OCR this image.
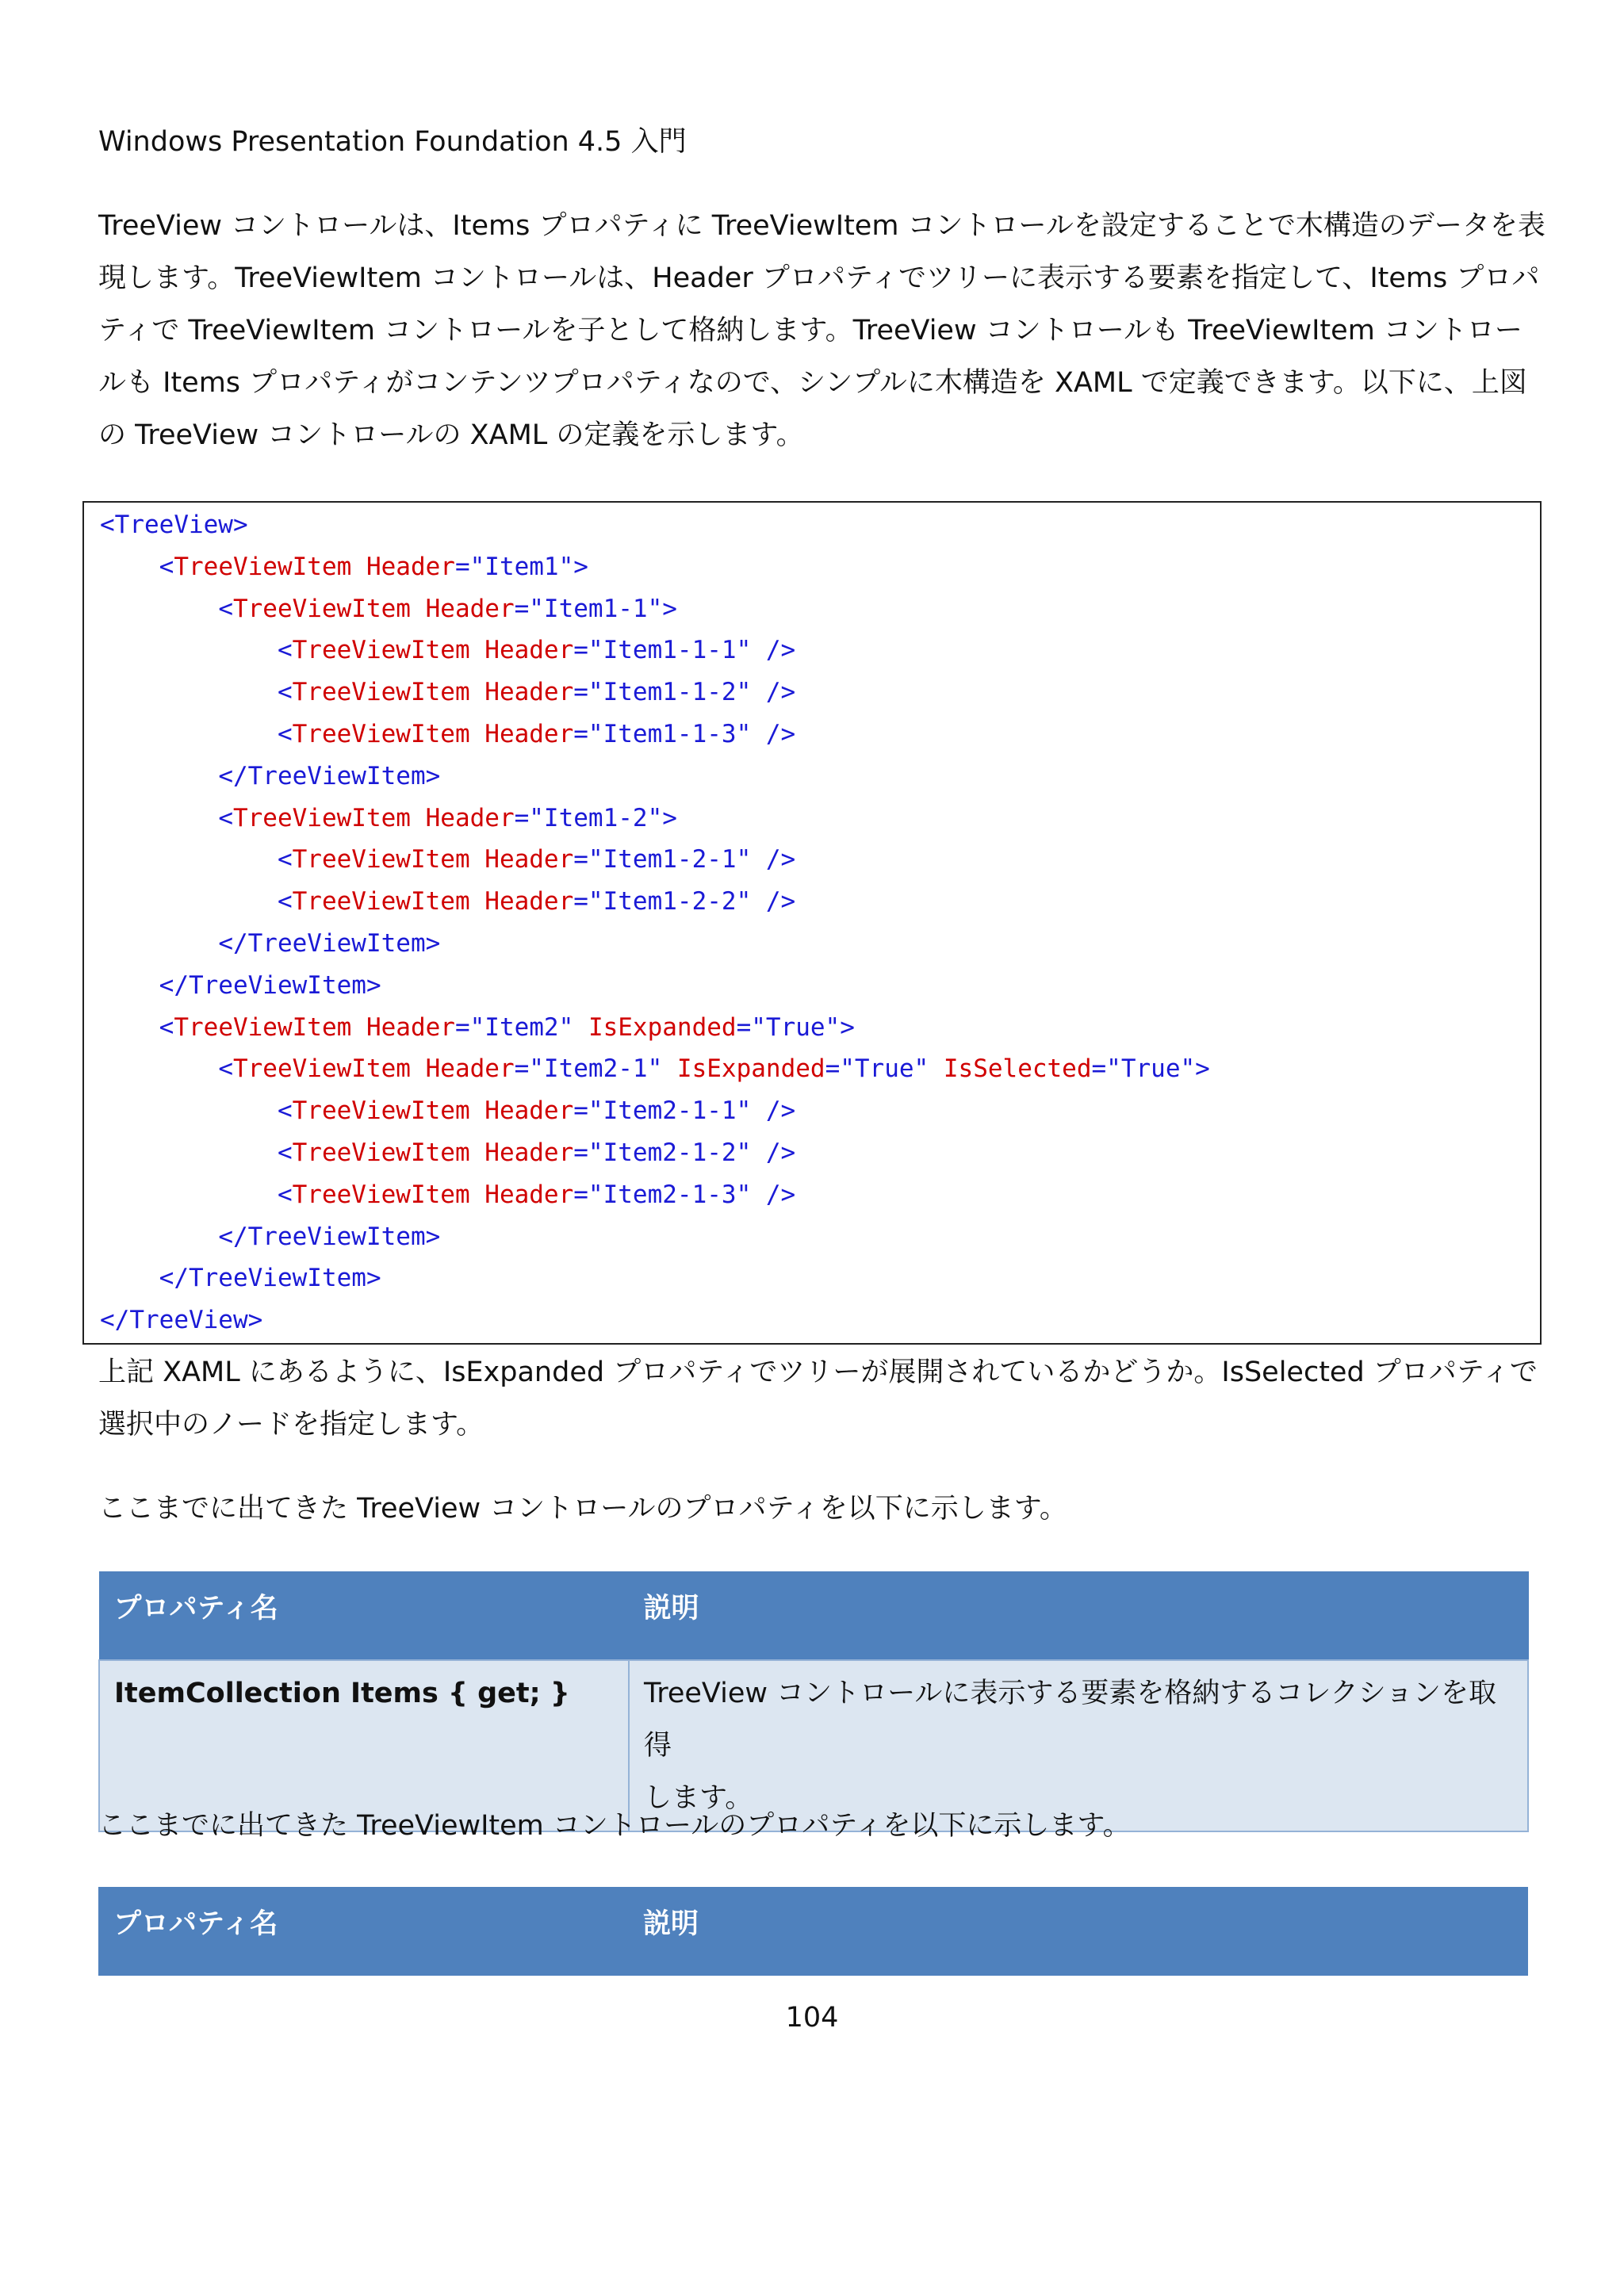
Windows Presentation Foundation 4.5 入門
TreeView コントロールは、Items プロパティに TreeViewItem コントロールを設定することで木構造のデータを表
現します。TreeViewItem コントロールは、Header プロパティでツリーに表示する要素を指定して、Items プロパ
ティで TreeViewItem コントロールを子として格納します。TreeView コントロールも TreeViewItem コントロー
ルも Items プロパティがコンテンツプロパティなので、シンプルに木構造を XAML で定義できます。以下に、上図
の TreeView コントロールの XAML の定義を示します。
<TreeView>
<TreeViewItem Header="Item1">
<TreeViewItem Header="Item1-1">
<TreeViewItem Header="Item1-1-1" />
<TreeViewItem Header="Item1-1-2" />
<TreeViewItem Header="Item1-1-3" />
</TreeViewItem>
<TreeViewItem Header="Item1-2">
<TreeViewItem Header="Item1-2-1" />
<TreeViewItem Header="Item1-2-2" />
</TreeViewItem>
</TreeViewItem>
<TreeViewItem Header="Item2" IsExpanded="True">
<TreeViewItem Header="Item2-1" IsExpanded="True" IsSelected="True">
<TreeViewItem Header="Item2-1-1" />
<TreeViewItem Header="Item2-1-2" />
<TreeViewItem Header="Item2-1-3" />
</TreeViewItem>
</TreeViewItem>
</TreeView>
上記 XAML にあるように、IsExpanded プロパティでツリーが展開されているかどうか。IsSelected プロパティで
選択中のノードを指定します。
ここまでに出てきた TreeView コントロールのプロパティを以下に示します。
プロパティ名	説明
ItemCollection Items { get; }	TreeView コントロールに表示する要素を格納するコレクションを取得
します。
ここまでに出てきた TreeViewItem コントロールのプロパティを以下に示します。
プロパティ名	説明
104
